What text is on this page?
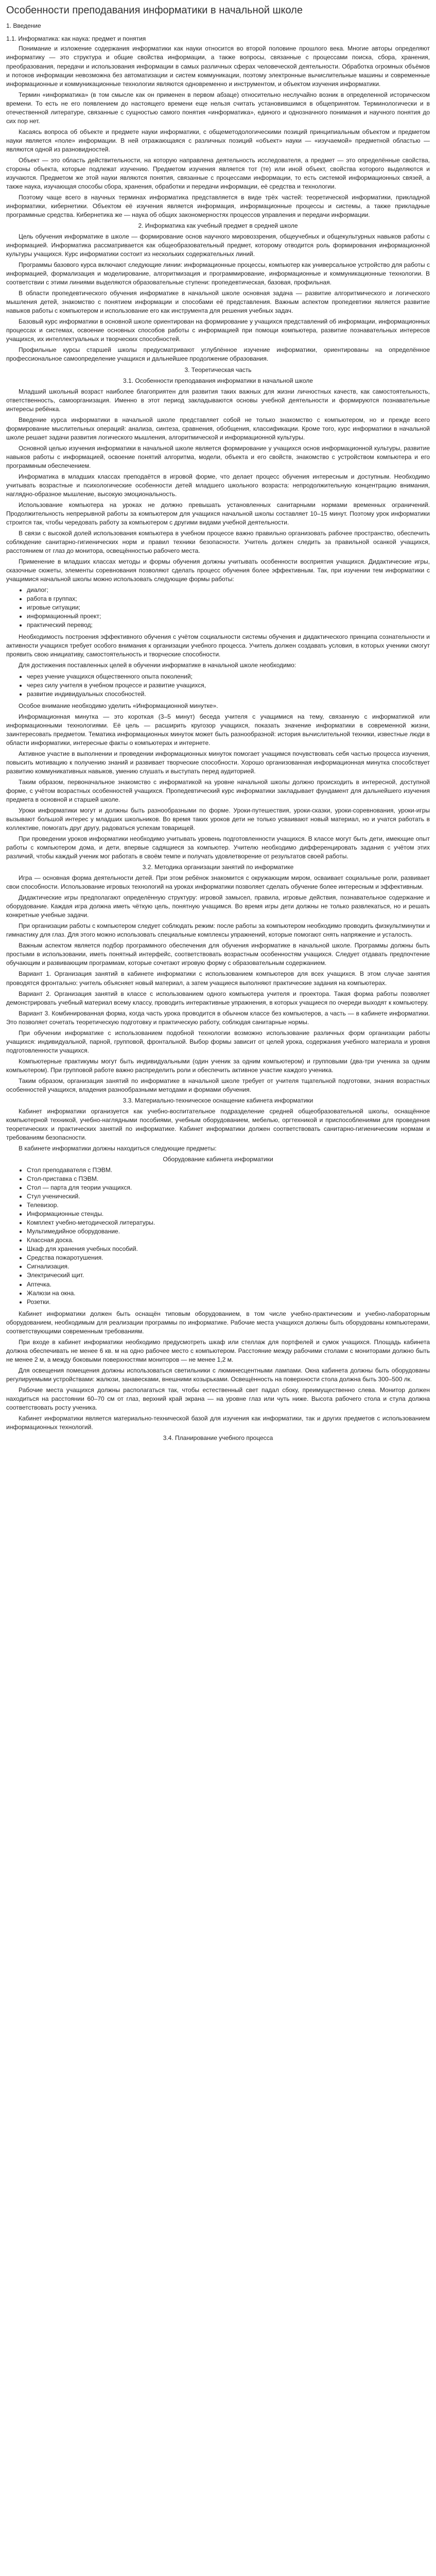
Особенности преподавания информатики в начальной школе
1. Введение
1.1. Информатика: как наука: предмет и понятия

Понимание и изложение содержания информатики как науки относится во второй половине прошлого века. Многие авторы определяют информатику — это структура и общие свойства информации, а также вопросы, связанные с процессами поиска, сбора, хранения, преобразования, передачи и использования информации в самых различных сферах человеческой деятельности. Обработка огромных объёмов и потоков информации невозможна без автоматизации и систем коммуникации, поэтому электронные вычислительные машины и современные информационные и коммуникационные технологии являются одновременно и инструментом, и объектом изучения информатики.

Термин «информатика» (в том смысле как он применен в первом абзаце) относительно неслучайно возник в определенной историческом времени. То есть не его появлением до настоящего времени еще нельзя считать установившимся в общепринятом. Терминологически и в отечественной литературе, связанные с сущностью самого понятия «информатика», единого и однозначного понимания и научного понятия до сих пор нет.

Касаясь вопроса об объекте и предмете науки информатики, с общеметодологическими позиций принципиальным объектом и предметом науки является «поле» информации. В ней отражающаяся с различных позиций «объект» науки — «изучаемой» предметной областью — являются одной из разновидностей.

Объект — это область действительности, на которую направлена деятельность исследователя, а предмет — это определённые свойства, стороны объекта, которые подлежат изучению. Предметом изучения является тот (те) или иной объект, свойства которого выделяются и изучаются. Предметом же этой науки являются понятия, связанные с процессами информации, то есть системой информационных связей, а также наука, изучающая способы сбора, хранения, обработки и передачи информации, её средства и технологии.

Поэтому чаще всего в научных терминах информатика представляется в виде трёх частей: теоретической информатики, прикладной информатики, кибернетики. Объектом её изучения является информация, информационные процессы и системы, а также прикладные программные средства. Кибернетика же — наука об общих закономерностях процессов управления и передачи информации.

2. Информатика как учебный предмет в средней школе

Цель обучения информатике в школе — формирование основ научного мировоззрения, общеучебных и общекультурных навыков работы с информацией. Информатика рассматривается как общеобразовательный предмет, которому отводится роль формирования информационной культуры учащихся. Курс информатики состоит из нескольких содержательных линий.

Программы базового курса включают следующие линии: информационные процессы, компьютер как универсальное устройство для работы с информацией, формализация и моделирование, алгоритмизация и программирование, информационные и коммуникационные технологии. В соответствии с этими линиями выделяются образовательные ступени: пропедевтическая, базовая, профильная.

В области пропедевтического обучения информатике в начальной школе основная задача — развитие алгоритмического и логического мышления детей, знакомство с понятием информации и способами её представления. Важным аспектом пропедевтики является развитие навыков работы с компьютером и использование его как инструмента для решения учебных задач.

Базовый курс информатики в основной школе ориентирован на формирование у учащихся представлений об информации, информационных процессах и системах, освоение основных способов работы с информацией при помощи компьютера, развитие познавательных интересов учащихся, их интеллектуальных и творческих способностей.

Профильные курсы старшей школы предусматривают углублённое изучение информатики, ориентированы на определённое профессиональное самоопределение учащихся и дальнейшее продолжение образования.

3. Теоретическая часть

3.1. Особенности преподавания информатики в начальной школе

Младший школьный возраст наиболее благоприятен для развития таких важных для жизни личностных качеств, как самостоятельность, ответственность, самоорганизация. Именно в этот период закладываются основы учебной деятельности и формируются познавательные интересы ребёнка.

Введение курса информатики в начальной школе представляет собой не только знакомство с компьютером, но и прежде всего формирование мыслительных операций: анализа, синтеза, сравнения, обобщения, классификации. Кроме того, курс информатики в начальной школе решает задачи развития логического мышления, алгоритмической и информационной культуры.

Основной целью изучения информатики в начальной школе является формирование у учащихся основ информационной культуры, развитие навыков работы с информацией, освоение понятий алгоритма, модели, объекта и его свойств, знакомство с устройством компьютера и его программным обеспечением.

Информатика в младших классах преподаётся в игровой форме, что делает процесс обучения интересным и доступным. Необходимо учитывать возрастные и психологические особенности детей младшего школьного возраста: непродолжительную концентрацию внимания, наглядно-образное мышление, высокую эмоциональность.

Использование компьютера на уроках не должно превышать установленных санитарными нормами временных ограничений. Продолжительность непрерывной работы за компьютером для учащихся начальной школы составляет 10–15 минут. Поэтому урок информатики строится так, чтобы чередовать работу за компьютером с другими видами учебной деятельности.

В связи с высокой долей использования компьютера в учебном процессе важно правильно организовать рабочее пространство, обеспечить соблюдение санитарно-гигиенических норм и правил техники безопасности. Учитель должен следить за правильной осанкой учащихся, расстоянием от глаз до монитора, освещённостью рабочего места.

Применение в младших классах методы и формы обучения должны учитывать особенности восприятия учащихся. Дидактические игры, сказочные сюжеты, элементы соревнования позволяют сделать процесс обучения более эффективным. Так, при изучении тем информатики с учащимися начальной школы можно использовать следующие формы работы:

• диалог;
• работа в группах;
• игровые ситуации;
• информационный проект;
• практический перевод;

Необходимость построения эффективного обучения с учётом социальности системы обучения и дидактического принципа сознательности и активности учащихся требует особого внимания к организации учебного процесса. Учитель должен создавать условия, в которых ученики смогут проявить свою инициативу, самостоятельность и творческие способности.

Для достижения поставленных целей в обучении информатике в начальной школе необходимо:

• через учение учащихся общественного опыта поколений;
• через силу учителя в учебном процессе и развитие учащихся,
• развитие индивидуальных способностей.

Особое внимание необходимо уделить «Информационной минутке».

Информационная минутка — это короткая (3–5 минут) беседа учителя с учащимися на тему, связанную с информатикой или информационными технологиями. Её цель — расширить кругозор учащихся, показать значение информатики в современной жизни, заинтересовать предметом. Тематика информационных минуток может быть разнообразной: история вычислительной техники, известные люди в области информатики, интересные факты о компьютерах и интернете.

Активное участие в выполнении и проведении информационных минуток помогает учащимся почувствовать себя частью процесса изучения, повысить мотивацию к получению знаний и развивает творческие способности. Хорошо организованная информационная минутка способствует развитию коммуникативных навыков, умению слушать и выступать перед аудиторией.

Таким образом, первоначальное знакомство с информатикой на уровне начальной школы должно происходить в интересной, доступной форме, с учётом возрастных особенностей учащихся. Пропедевтический курс информатики закладывает фундамент для дальнейшего изучения предмета в основной и старшей школе.

Уроки информатики могут и должны быть разнообразными по форме. Уроки-путешествия, уроки-сказки, уроки-соревнования, уроки-игры вызывают большой интерес у младших школьников. Во время таких уроков дети не только усваивают новый материал, но и учатся работать в коллективе, помогать друг другу, радоваться успехам товарищей.

При проведении уроков информатики необходимо учитывать уровень подготовленности учащихся. В классе могут быть дети, имеющие опыт работы с компьютером дома, и дети, впервые садящиеся за компьютер. Учителю необходимо дифференцировать задания с учётом этих различий, чтобы каждый ученик мог работать в своём темпе и получать удовлетворение от результатов своей работы.

3.2. Методика организации занятий по информатике

Игра — основная форма деятельности детей. При этом ребёнок знакомится с окружающим миром, осваивает социальные роли, развивает свои способности. Использование игровых технологий на уроках информатики позволяет сделать обучение более интересным и эффективным.

Дидактические игры предполагают определённую структуру: игровой замысел, правила, игровые действия, познавательное содержание и оборудование. Каждая игра должна иметь чёткую цель, понятную учащимся. Во время игры дети должны не только развлекаться, но и решать конкретные учебные задачи.

При организации работы с компьютером следует соблюдать режим: после работы за компьютером необходимо проводить физкультминутки и гимнастику для глаз. Для этого можно использовать специальные комплексы упражнений, которые помогают снять напряжение и усталость.

Важным аспектом является подбор программного обеспечения для обучения информатике в начальной школе. Программы должны быть простыми в использовании, иметь понятный интерфейс, соответствовать возрастным особенностям учащихся. Следует отдавать предпочтение обучающим и развивающим программам, которые сочетают игровую форму с образовательным содержанием.

Вариант 1. Организация занятий в кабинете информатики с использованием компьютеров для всех учащихся. В этом случае занятия проводятся фронтально: учитель объясняет новый материал, а затем учащиеся выполняют практические задания на компьютерах.

Вариант 2. Организация занятий в классе с использованием одного компьютера учителя и проектора. Такая форма работы позволяет демонстрировать учебный материал всему классу, проводить интерактивные упражнения, в которых учащиеся по очереди выходят к компьютеру.

Вариант 3. Комбинированная форма, когда часть урока проводится в обычном классе без компьютеров, а часть — в кабинете информатики. Это позволяет сочетать теоретическую подготовку и практическую работу, соблюдая санитарные нормы.

При обучении информатике с использованием подобной технологии возможно использование различных форм организации работы учащихся: индивидуальной, парной, групповой, фронтальной. Выбор формы зависит от целей урока, содержания учебного материала и уровня подготовленности учащихся.

Компьютерные практикумы могут быть индивидуальными (один ученик за одним компьютером) и групповыми (два-три ученика за одним компьютером). При групповой работе важно распределить роли и обеспечить активное участие каждого ученика.

Таким образом, организация занятий по информатике в начальной школе требует от учителя тщательной подготовки, знания возрастных особенностей учащихся, владения разнообразными методами и формами обучения.

3.3. Материально-техническое оснащение кабинета информатики

Кабинет информатики организуется как учебно-воспитательное подразделение средней общеобразовательной школы, оснащённое компьютерной техникой, учебно-наглядными пособиями, учебным оборудованием, мебелью, оргтехникой и приспособлениями для проведения теоретических и практических занятий по информатике. Кабинет информатики должен соответствовать санитарно-гигиеническим нормам и требованиям безопасности.

В кабинете информатики должны находиться следующие предметы:

Оборудование кабинета информатики

• Стол преподавателя с ПЭВМ.
• Стол-приставка с ПЭВМ.
• Стол — парта для теории учащихся.
• Стул ученический.
• Телевизор.
• Информационные стенды.
• Комплект учебно-методической литературы.
• Мультимедийное оборудование.
• Классная доска.
• Шкаф для хранения учебных пособий.
• Средства пожаротушения.
• Сигнализация.
• Электрический щит.
• Аптечка.
• Жалюзи на окна.
• Розетки.

Кабинет информатики должен быть оснащён типовым оборудованием, в том числе учебно-практическим и учебно-лабораторным оборудованием, необходимым для реализации программы по информатике. Рабочие места учащихся должны быть оборудованы компьютерами, соответствующими современным требованиям.

При входе в кабинет информатики необходимо предусмотреть шкаф или стеллаж для портфелей и сумок учащихся. Площадь кабинета должна обеспечивать не менее 6 кв. м на одно рабочее место с компьютером. Расстояние между рабочими столами с мониторами должно быть не менее 2 м, а между боковыми поверхностями мониторов — не менее 1,2 м.

Для освещения помещения должны использоваться светильники с люминесцентными лампами. Окна кабинета должны быть оборудованы регулируемыми устройствами: жалюзи, занавесками, внешними козырьками. Освещённость на поверхности стола должна быть 300–500 лк.

Рабочие места учащихся должны располагаться так, чтобы естественный свет падал сбоку, преимущественно слева. Монитор должен находиться на расстоянии 60–70 см от глаз, верхний край экрана — на уровне глаз или чуть ниже. Высота рабочего стола и стула должна соответствовать росту ученика.

Кабинет информатики является материально-технической базой для изучения как информатики, так и других предметов с использованием информационных технологий.

3.4. Планирование учебного процесса
